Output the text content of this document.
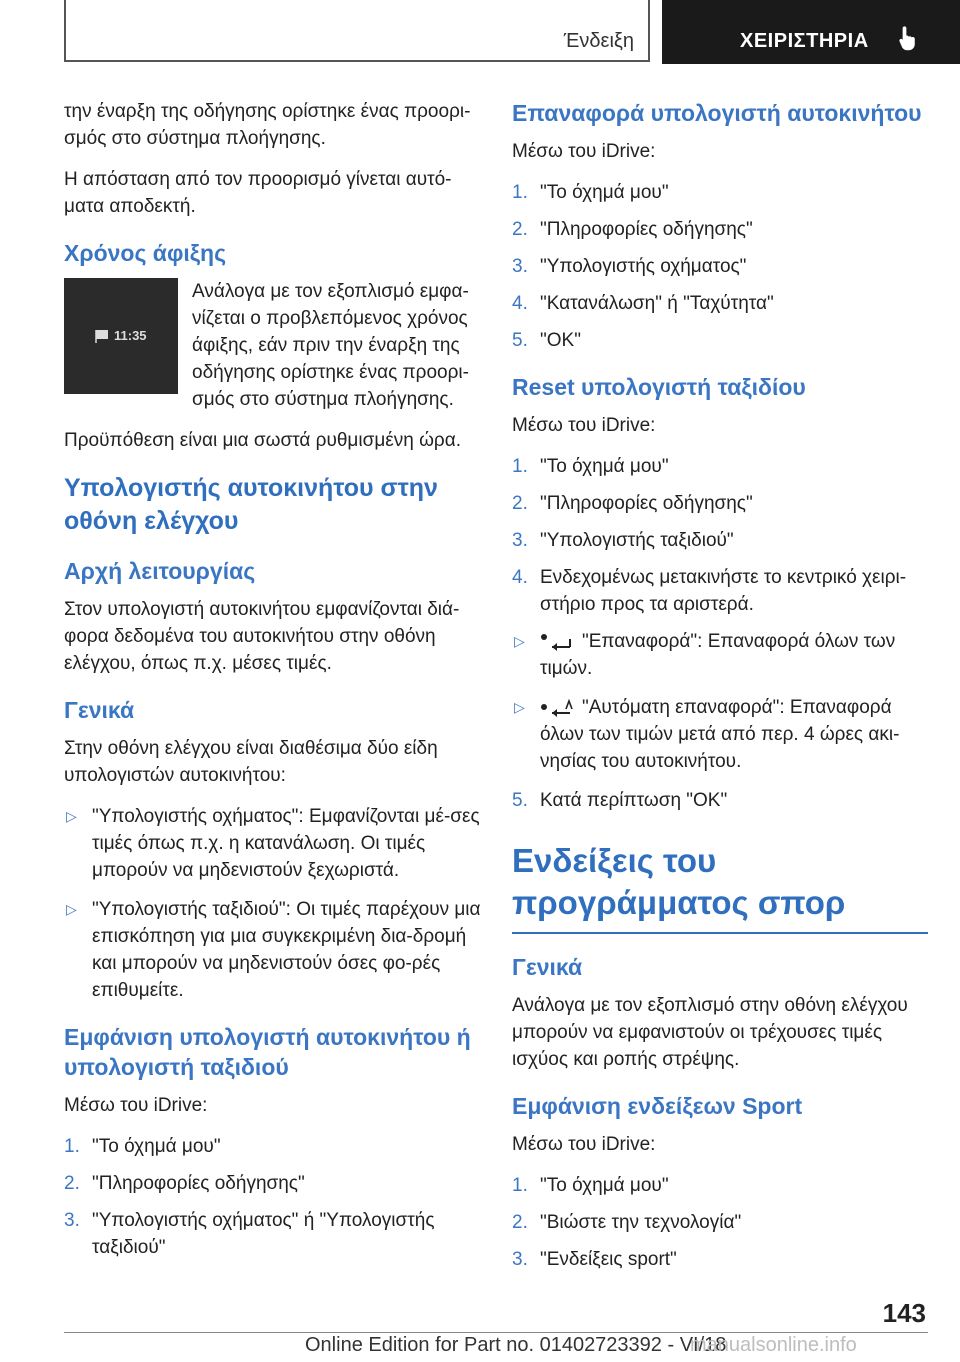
Ένδειξη	ΧΕΙΡΙΣΤΗΡΙΑ

την έναρξη της οδήγησης ορίστηκε ένας προορι-σμός στο σύστημα πλοήγησης.

Η απόσταση από τον προορισμό γίνεται αυτό-ματα αποδεκτή.

Χρόνος άφιξης
11:35

Ανάλογα με τον εξοπλισμό εμφα-νίζεται ο προβλεπόμενος χρόνος άφιξης, εάν πριν την έναρξη της οδήγησης ορίστηκε ένας προορι-σμός στο σύστημα πλοήγησης.

Προϋπόθεση είναι μια σωστά ρυθμισμένη ώρα.

Υπολογιστής αυτοκινήτου στην οθόνη ελέγχου
Αρχή λειτουργίας

Στον υπολογιστή αυτοκινήτου εμφανίζονται διά-φορα δεδομένα του αυτοκινήτου στην οθόνη ελέγχου, όπως π.χ. μέσες τιμές.

Γενικά

Στην οθόνη ελέγχου είναι διαθέσιμα δύο είδη υπολογιστών αυτοκινήτου:

▷ "Υπολογιστής οχήματος": Εμφανίζονται μέ-σες τιμές όπως π.χ. η κατανάλωση. Οι τιμές μπορούν να μηδενιστούν ξεχωριστά.
▷ "Υπολογιστής ταξιδιού": Οι τιμές παρέχουν μια επισκόπηση για μια συγκεκριμένη δια-δρομή και μπορούν να μηδενιστούν όσες φο-ρές επιθυμείτε.
Εμφάνιση υπολογιστή αυτοκινήτου ή υπολογιστή ταξιδιού

Μέσω του iDrive:

1. "Το όχημά μου"
2. "Πληροφορίες οδήγησης"
3. "Υπολογιστής οχήματος" ή "Υπολογιστής ταξιδιού"
Επαναφορά υπολογιστή αυτοκινήτου

Μέσω του iDrive:

1. "Το όχημά μου"
2. "Πληροφορίες οδήγησης"
3. "Υπολογιστής οχήματος"
4. "Κατανάλωση" ή "Ταχύτητα"
5. "OK"
Reset υπολογιστή ταξιδίου

Μέσω του iDrive:

1. "Το όχημά μου"
2. "Πληροφορίες οδήγησης"
3. "Υπολογιστής ταξιδιού"
4. Ενδεχομένως μετακινήστε το κεντρικό χειρι-στήριο προς τα αριστερά.
▷	"Επαναφορά": Επαναφορά όλων των τιμών.
▷	"Αυτόματη επαναφορά": Επαναφορά όλων των τιμών μετά από περ. 4 ώρες ακι-νησίας του αυτοκινήτου.
5. Κατά περίπτωση "OK"
Ενδείξεις του προγράμματος σπορ
Γενικά

Ανάλογα με τον εξοπλισμό στην οθόνη ελέγχου μπορούν να εμφανιστούν οι τρέχουσες τιμές ισχύος και ροπής στρέψης.

Εμφάνιση ενδείξεων Sport

Μέσω του iDrive:

1. "Το όχημά μου"
2. "Βιώστε την τεχνολογία"
3. "Ενδείξεις sport"
143
Online Edition for Part no. 01402723392 - VI/18
manualsonline.info
